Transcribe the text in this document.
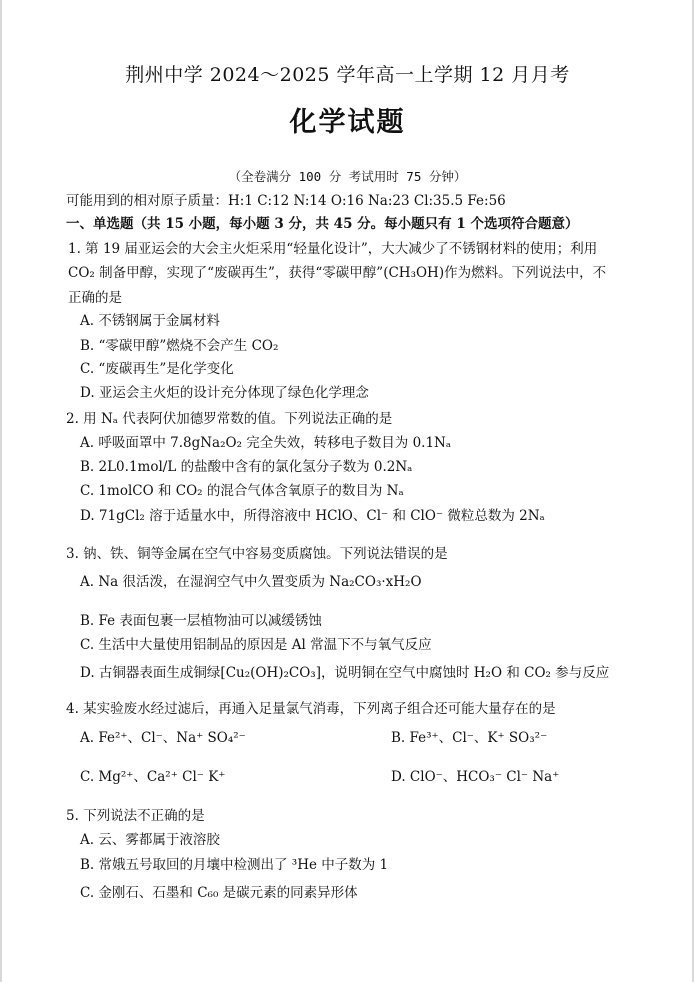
荆州中学 2024～2025 学年高一上学期 12 月月考
化学试题
（全卷满分 100 分 考试用时 75 分钟）
可能用到的相对原子质量：H:1 C:12 N:14 O:16 Na:23 Cl:35.5 Fe:56
一、单选题（共 15 小题，每小题 3 分，共 45 分。每小题只有 1 个选项符合题意）
1. 第 19 届亚运会的大会主火炬采用“轻量化设计”，大大减少了不锈钢材料的使用；利用
CO₂ 制备甲醇，实现了“废碳再生”，获得“零碳甲醇”(CH₃OH)作为燃料。下列说法中，不
正确的是
A. 不锈钢属于金属材料
B. “零碳甲醇”燃烧不会产生 CO₂
C. “废碳再生”是化学变化
D. 亚运会主火炬的设计充分体现了绿色化学理念
2. 用 Nₐ 代表阿伏加德罗常数的值。下列说法正确的是
A. 呼吸面罩中 7.8gNa₂O₂ 完全失效，转移电子数目为 0.1Nₐ
B. 2L0.1mol/L 的盐酸中含有的氯化氢分子数为 0.2Nₐ
C. 1molCO 和 CO₂ 的混合气体含氧原子的数目为 Nₐ
D. 71gCl₂ 溶于适量水中，所得溶液中 HClO、Cl⁻ 和 ClO⁻ 微粒总数为 2Nₐ
3. 钠、铁、铜等金属在空气中容易变质腐蚀。下列说法错误的是
A. Na 很活泼，在湿润空气中久置变质为 Na₂CO₃·xH₂O
B. Fe 表面包裹一层植物油可以减缓锈蚀
C. 生活中大量使用铝制品的原因是 Al 常温下不与氧气反应
D. 古铜器表面生成铜绿[Cu₂(OH)₂CO₃]，说明铜在空气中腐蚀时 H₂O 和 CO₂ 参与反应
4. 某实验废水经过滤后，再通入足量氯气消毒，下列离子组合还可能大量存在的是
A. Fe²⁺、Cl⁻、Na⁺ SO₄²⁻	B. Fe³⁺、Cl⁻、K⁺ SO₃²⁻
C. Mg²⁺、Ca²⁺ Cl⁻ K⁺	D. ClO⁻、HCO₃⁻ Cl⁻ Na⁺
5. 下列说法不正确的是
A. 云、雾都属于液溶胶
B. 常娥五号取回的月壤中检测出了 ³He 中子数为 1
C. 金刚石、石墨和 C₆₀ 是碳元素的同素异形体
